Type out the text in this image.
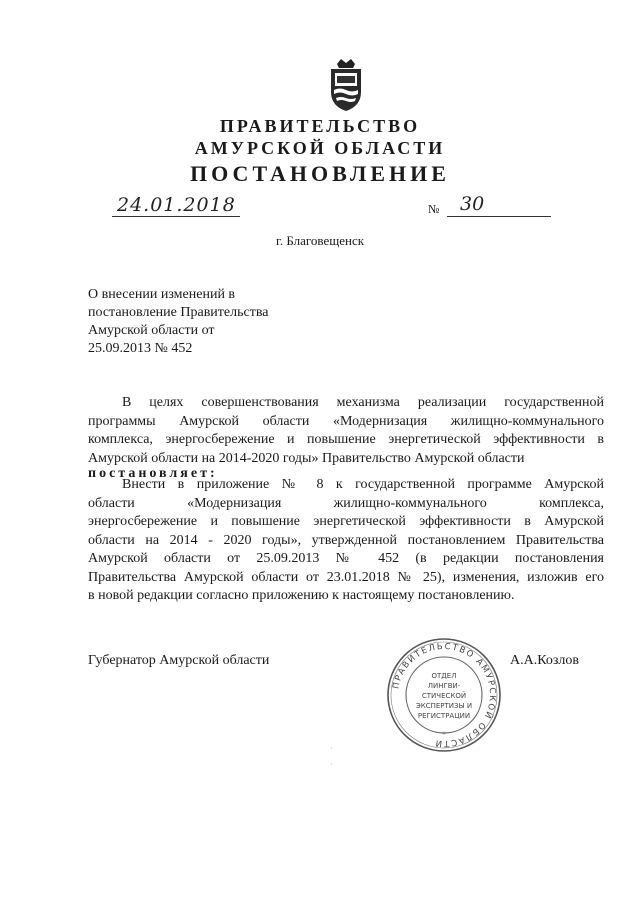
ПРАВИТЕЛЬСТВО
АМУРСКОЙ ОБЛАСТИ
ПОСТАНОВЛЕНИЕ
24.01.2018	№ 30
г. Благовещенск
О внесении изменений в
постановление Правительства
Амурской области от
25.09.2013 № 452
В целях совершенствования механизма реализации государственной
программы Амурской области «Модернизация жилищно-коммунального
комплекса, энергосбережение и повышение энергетической эффективности в
Амурской области на 2014-2020 годы» Правительство Амурской области
постановляет:
Внести в приложение № 8 к государственной программе Амурской
области «Модернизация жилищно-коммунального комплекса,
энергосбережение и повышение энергетической эффективности в Амурской
области на 2014 - 2020 годы», утвержденной постановлением Правительства
Амурской области от 25.09.2013 № 452 (в редакции постановления
Правительства Амурской области от 23.01.2018 № 25), изменения, изложив его
в новой редакции согласно приложению к настоящему постановлению.
Губернатор Амурской области	А.А.Козлов
ПРАВИТЕЛЬСТВО АМУРСКОЙ ОБЛАСТИ
ОТДЕЛ
ЛИНГВИ-
СТИЧЕСКОЙ
ЭКСПЕРТИЗЫ И
РЕГИСТРАЦИИ
*
·
·
